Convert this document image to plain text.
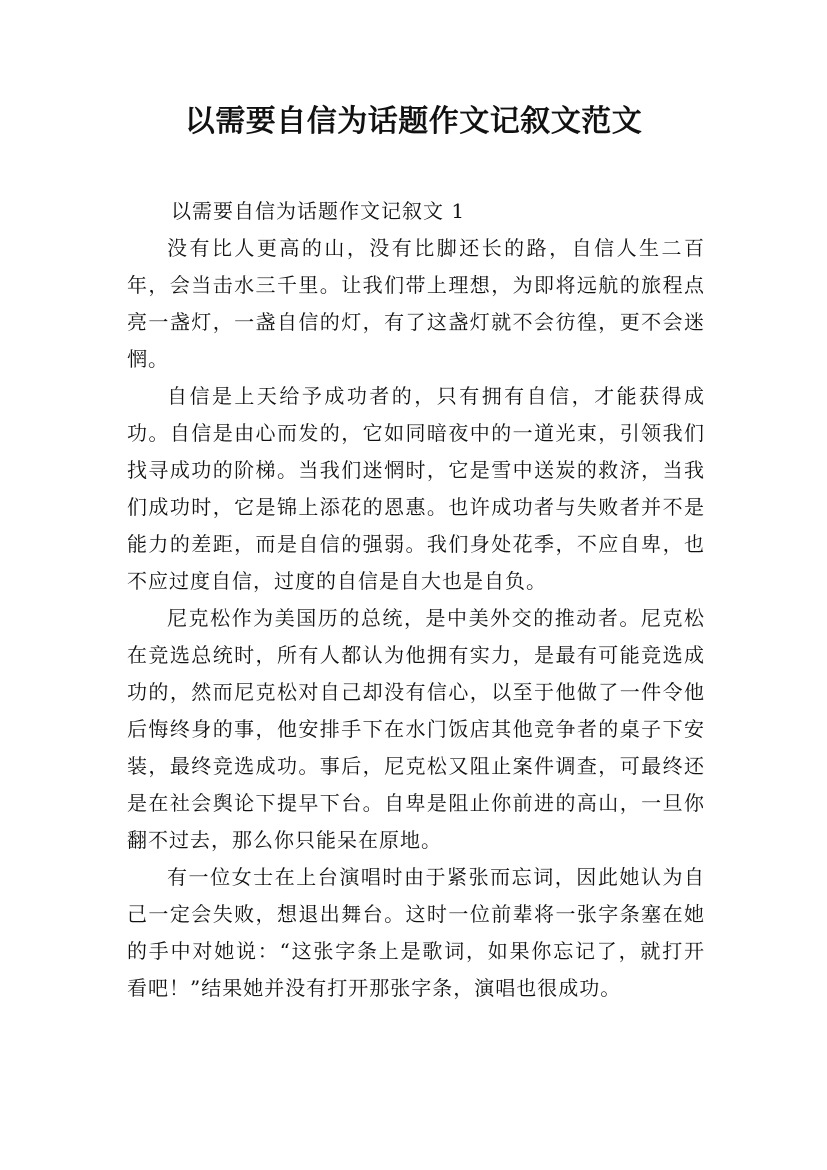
以需要自信为话题作文记叙文范文

以需要自信为话题作文记叙文 1

没有比人更高的山，没有比脚还长的路，自信人生二百年，会当击水三千里。让我们带上理想，为即将远航的旅程点亮一盏灯，一盏自信的灯，有了这盏灯就不会彷徨，更不会迷惘。

自信是上天给予成功者的，只有拥有自信，才能获得成功。自信是由心而发的，它如同暗夜中的一道光束，引领我们找寻成功的阶梯。当我们迷惘时，它是雪中送炭的救济，当我们成功时，它是锦上添花的恩惠。也许成功者与失败者并不是能力的差距，而是自信的强弱。我们身处花季，不应自卑，也不应过度自信，过度的自信是自大也是自负。

尼克松作为美国历的总统，是中美外交的推动者。尼克松在竞选总统时，所有人都认为他拥有实力，是最有可能竞选成功的，然而尼克松对自己却没有信心，以至于他做了一件令他后悔终身的事，他安排手下在水门饭店其他竞争者的桌子下安装，最终竞选成功。事后，尼克松又阻止案件调查，可最终还是在社会舆论下提早下台。自卑是阻止你前进的高山，一旦你翻不过去，那么你只能呆在原地。

有一位女士在上台演唱时由于紧张而忘词，因此她认为自己一定会失败，想退出舞台。这时一位前辈将一张字条塞在她的手中对她说：“这张字条上是歌词，如果你忘记了，就打开看吧！”结果她并没有打开那张字条，演唱也很成功。
